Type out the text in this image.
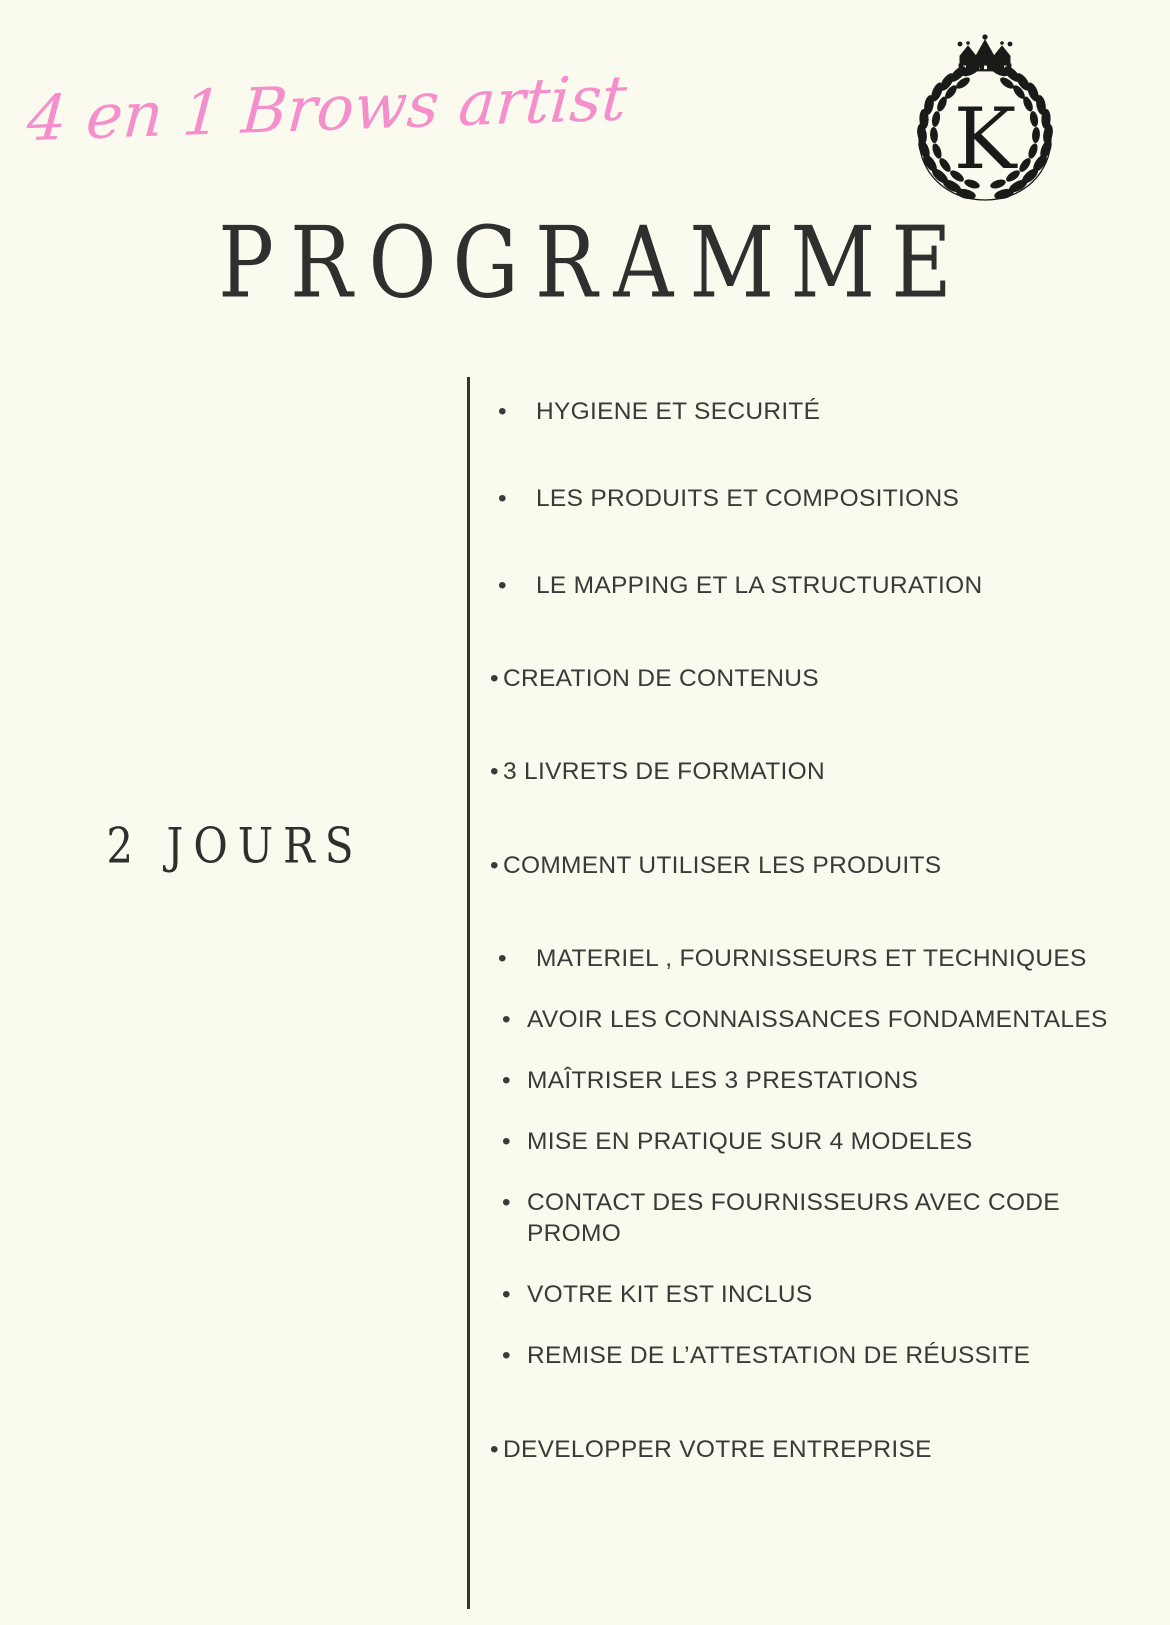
4 en 1 Brows artist	K
PROGRAMME
2 JOURS
•	HYGIENE ET SECURITÉ
•	LES PRODUITS ET COMPOSITIONS
•	LE MAPPING ET LA STRUCTURATION
• CREATION DE CONTENUS
• 3 LIVRETS DE FORMATION
• COMMENT UTILISER LES PRODUITS
•	MATERIEL , FOURNISSEURS ET TECHNIQUES
• AVOIR LES CONNAISSANCES FONDAMENTALES
• MAÎTRISER LES 3 PRESTATIONS
• MISE EN PRATIQUE SUR 4 MODELES
• CONTACT DES FOURNISSEURS AVEC CODE PROMO
• VOTRE KIT EST INCLUS
• REMISE DE L’ATTESTATION DE RÉUSSITE
• DEVELOPPER VOTRE ENTREPRISE
